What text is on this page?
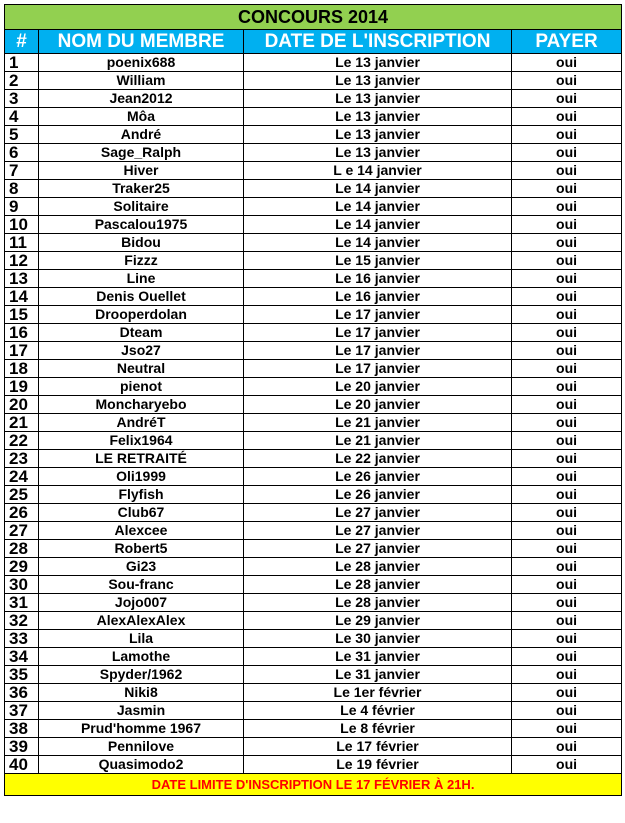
CONCOURS 2014			
#	NOM DU MEMBRE	DATE DE L'INSCRIPTION	PAYER
1	poenix688	Le 13 janvier	oui
2	William	Le 13 janvier	oui
3	Jean2012	Le 13 janvier	oui
4	Môa	Le 13 janvier	oui
5	André	Le 13 janvier	oui
6	Sage_Ralph	Le 13 janvier	oui
7	Hiver	L e 14 janvier	oui
8	Traker25	Le 14 janvier	oui
9	Solitaire	Le 14 janvier	oui
10	Pascalou1975	Le 14 janvier	oui
11	Bidou	Le 14 janvier	oui
12	Fizzz	Le 15 janvier	oui
13	Line	Le 16 janvier	oui
14	Denis Ouellet	Le 16 janvier	oui
15	Drooperdolan	Le 17 janvier	oui
16	Dteam	Le 17 janvier	oui
17	Jso27	Le 17 janvier	oui
18	Neutral	Le 17 janvier	oui
19	pienot	Le 20 janvier	oui
20	Moncharyebo	Le 20 janvier	oui
21	AndréT	Le 21 janvier	oui
22	Felix1964	Le 21 janvier	oui
23	LE RETRAITÉ	Le 22 janvier	oui
24	Oli1999	Le 26 janvier	oui
25	Flyfish	Le 26 janvier	oui
26	Club67	Le 27 janvier	oui
27	Alexcee	Le 27 janvier	oui
28	Robert5	Le 27 janvier	oui
29	Gi23	Le 28 janvier	oui
30	Sou-franc	Le 28 janvier	oui
31	Jojo007	Le 28 janvier	oui
32	AlexAlexAlex	Le 29 janvier	oui
33	Lila	Le 30 janvier	oui
34	Lamothe	Le 31 janvier	oui
35	Spyder/1962	Le 31 janvier	oui
36	Niki8	Le 1er février	oui
37	Jasmin	Le 4 février	oui
38	Prud'homme 1967	Le 8 février	oui
39	Pennilove	Le 17 février	oui
40	Quasimodo2	Le 19 février	oui
DATE LIMITE D'INSCRIPTION LE 17 FÉVRIER À 21H.			
